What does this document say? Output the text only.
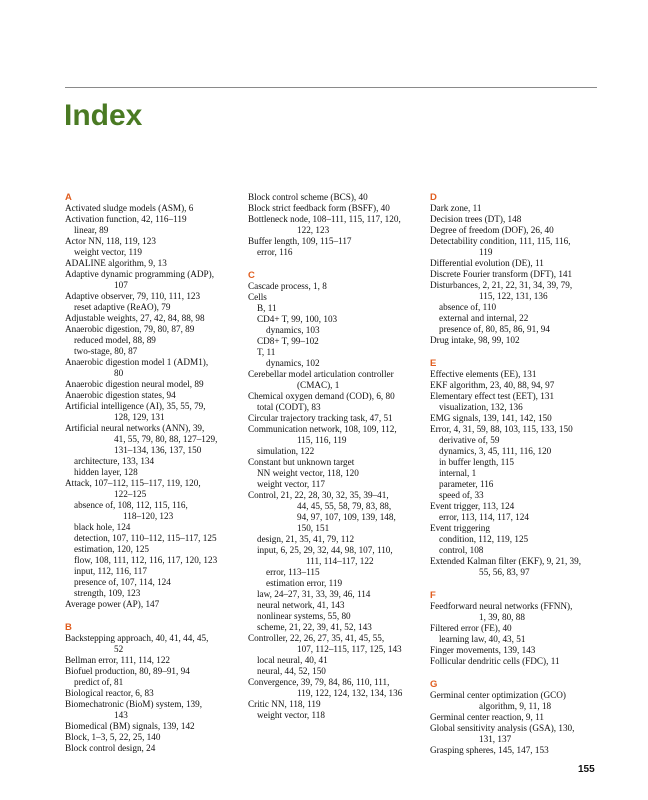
Index
A
Activated sludge models (ASM), 6
Activation function, 42, 116–119
linear, 89
Actor NN, 118, 119, 123
weight vector, 119
ADALINE algorithm, 9, 13
Adaptive dynamic programming (ADP),
107
Adaptive observer, 79, 110, 111, 123
reset adaptive (ReAO), 79
Adjustable weights, 27, 42, 84, 88, 98
Anaerobic digestion, 79, 80, 87, 89
reduced model, 88, 89
two-stage, 80, 87
Anaerobic digestion model 1 (ADM1),
80
Anaerobic digestion neural model, 89
Anaerobic digestion states, 94
Artificial intelligence (AI), 35, 55, 79,
128, 129, 131
Artificial neural networks (ANN), 39,
41, 55, 79, 80, 88, 127–129,
131–134, 136, 137, 150
architecture, 133, 134
hidden layer, 128
Attack, 107–112, 115–117, 119, 120,
122–125
absence of, 108, 112, 115, 116,
118–120, 123
black hole, 124
detection, 107, 110–112, 115–117, 125
estimation, 120, 125
flow, 108, 111, 112, 116, 117, 120, 123
input, 112, 116, 117
presence of, 107, 114, 124
strength, 109, 123
Average power (AP), 147
B
Backstepping approach, 40, 41, 44, 45,
52
Bellman error, 111, 114, 122
Biofuel production, 80, 89–91, 94
predict of, 81
Biological reactor, 6, 83
Biomechatronic (BioM) system, 139,
143
Biomedical (BM) signals, 139, 142
Block, 1–3, 5, 22, 25, 140
Block control design, 24
Block control scheme (BCS), 40
Block strict feedback form (BSFF), 40
Bottleneck node, 108–111, 115, 117, 120,
122, 123
Buffer length, 109, 115–117
error, 116
C
Cascade process, 1, 8
Cells
B, 11
CD4+ T, 99, 100, 103
dynamics, 103
CD8+ T, 99–102
T, 11
dynamics, 102
Cerebellar model articulation controller
(CMAC), 1
Chemical oxygen demand (COD), 6, 80
total (CODT), 83
Circular trajectory tracking task, 47, 51
Communication network, 108, 109, 112,
115, 116, 119
simulation, 122
Constant but unknown target
NN weight vector, 118, 120
weight vector, 117
Control, 21, 22, 28, 30, 32, 35, 39–41,
44, 45, 55, 58, 79, 83, 88,
94, 97, 107, 109, 139, 148,
150, 151
design, 21, 35, 41, 79, 112
input, 6, 25, 29, 32, 44, 98, 107, 110,
111, 114–117, 122
error, 113–115
estimation error, 119
law, 24–27, 31, 33, 39, 46, 114
neural network, 41, 143
nonlinear systems, 55, 80
scheme, 21, 22, 39, 41, 52, 143
Controller, 22, 26, 27, 35, 41, 45, 55,
107, 112–115, 117, 125, 143
local neural, 40, 41
neural, 44, 52, 150
Convergence, 39, 79, 84, 86, 110, 111,
119, 122, 124, 132, 134, 136
Critic NN, 118, 119
weight vector, 118
D
Dark zone, 11
Decision trees (DT), 148
Degree of freedom (DOF), 26, 40
Detectability condition, 111, 115, 116,
119
Differential evolution (DE), 11
Discrete Fourier transform (DFT), 141
Disturbances, 2, 21, 22, 31, 34, 39, 79,
115, 122, 131, 136
absence of, 110
external and internal, 22
presence of, 80, 85, 86, 91, 94
Drug intake, 98, 99, 102
E
Effective elements (EE), 131
EKF algorithm, 23, 40, 88, 94, 97
Elementary effect test (EET), 131
visualization, 132, 136
EMG signals, 139, 141, 142, 150
Error, 4, 31, 59, 88, 103, 115, 133, 150
derivative of, 59
dynamics, 3, 45, 111, 116, 120
in buffer length, 115
internal, 1
parameter, 116
speed of, 33
Event trigger, 113, 124
error, 113, 114, 117, 124
Event triggering
condition, 112, 119, 125
control, 108
Extended Kalman filter (EKF), 9, 21, 39,
55, 56, 83, 97
F
Feedforward neural networks (FFNN),
1, 39, 80, 88
Filtered error (FE), 40
learning law, 40, 43, 51
Finger movements, 139, 143
Follicular dendritic cells (FDC), 11
G
Germinal center optimization (GCO)
algorithm, 9, 11, 18
Germinal center reaction, 9, 11
Global sensitivity analysis (GSA), 130,
131, 137
Grasping spheres, 145, 147, 153
155
